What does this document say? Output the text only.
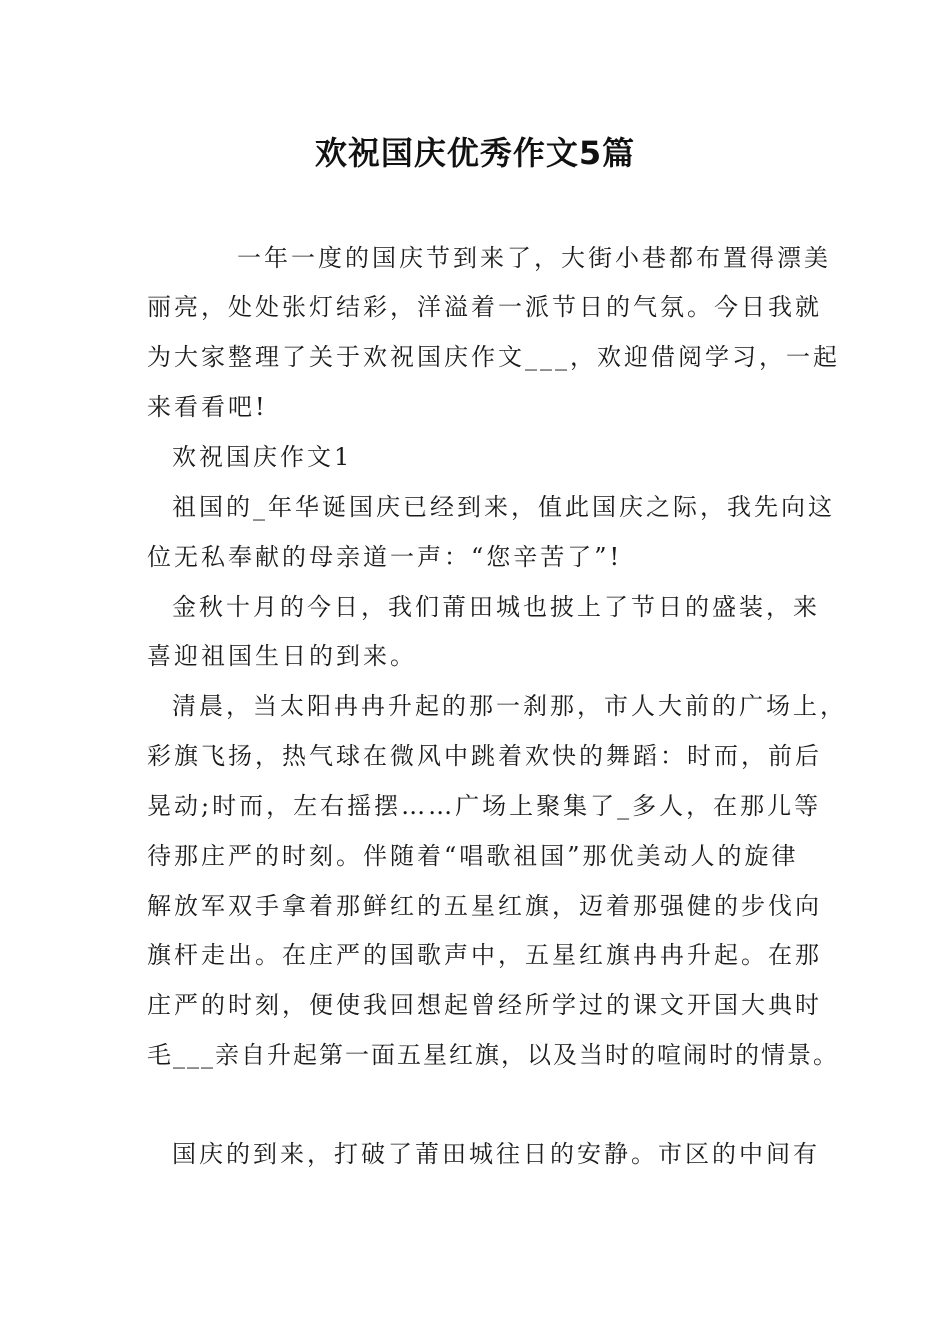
欢祝国庆优秀作文5篇
一年一度的国庆节到来了，大街小巷都布置得漂美
丽亮，处处张灯结彩，洋溢着一派节日的气氛。今日我就
为大家整理了关于欢祝国庆作文___，欢迎借阅学习，一起
来看看吧!
欢祝国庆作文1
祖国的_年华诞国庆已经到来，值此国庆之际，我先向这
位无私奉献的母亲道一声：“您辛苦了”!
金秋十月的今日，我们莆田城也披上了节日的盛装，来
喜迎祖国生日的到来。
清晨，当太阳冉冉升起的那一刹那，市人大前的广场上，
彩旗飞扬，热气球在微风中跳着欢快的舞蹈：时而，前后
晃动;时而，左右摇摆……广场上聚集了_多人，在那儿等
待那庄严的时刻。伴随着“唱歌祖国”那优美动人的旋律
解放军双手拿着那鲜红的五星红旗，迈着那强健的步伐向
旗杆走出。在庄严的国歌声中，五星红旗冉冉升起。在那
庄严的时刻，便使我回想起曾经所学过的课文开国大典时
毛___亲自升起第一面五星红旗，以及当时的喧闹时的情景。
国庆的到来，打破了莆田城往日的安静。市区的中间有
